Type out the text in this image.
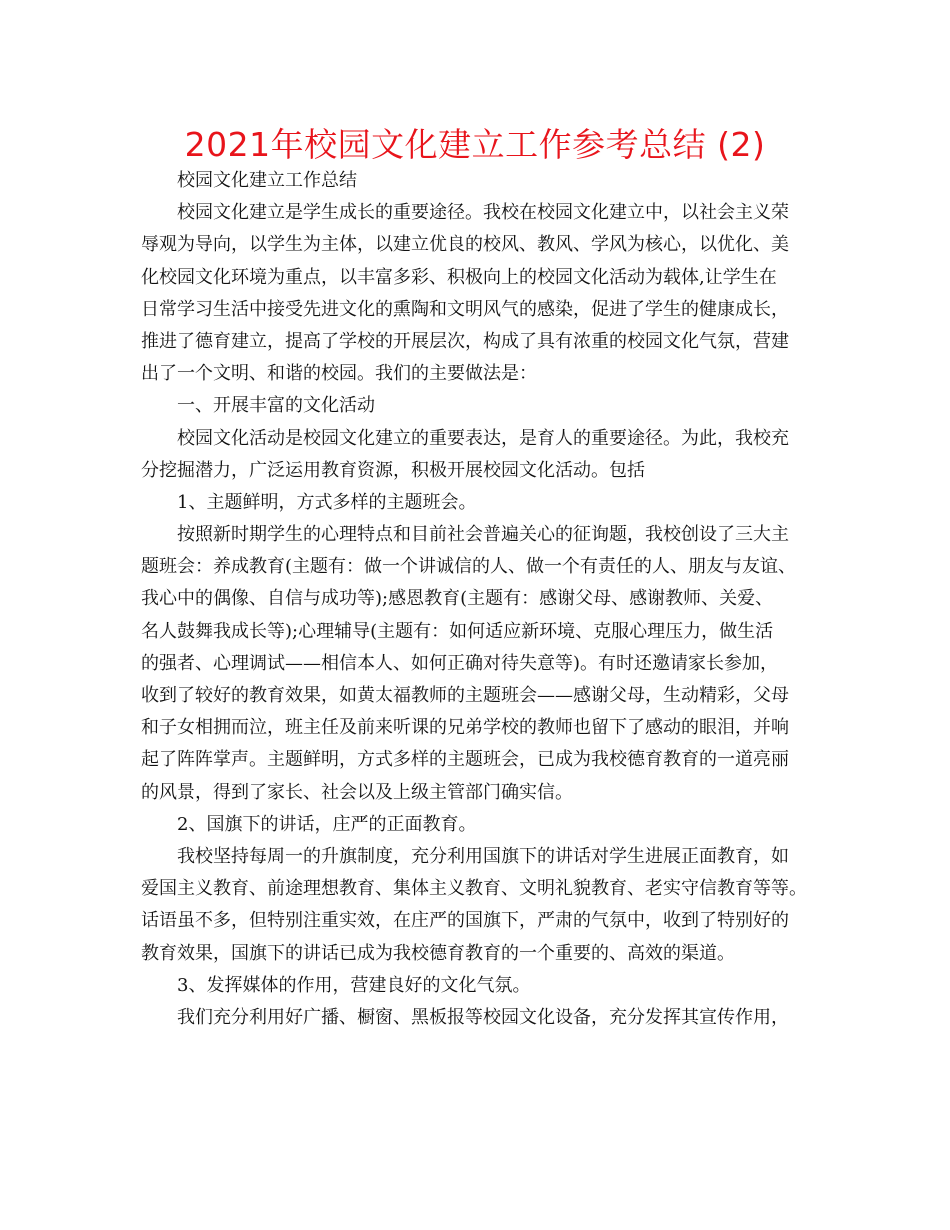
2021年校园文化建立工作参考总结 (2)
校园文化建立工作总结
校园文化建立是学生成长的重要途径。我校在校园文化建立中，以社会主义荣
辱观为导向，以学生为主体，以建立优良的校风、教风、学风为核心，以优化、美
化校园文化环境为重点，以丰富多彩、积极向上的校园文化活动为载体,让学生在
日常学习生活中接受先进文化的熏陶和文明风气的感染，促进了学生的健康成长，
推进了德育建立，提高了学校的开展层次，构成了具有浓重的校园文化气氛，营建
出了一个文明、和谐的校园。我们的主要做法是：
一、开展丰富的文化活动
校园文化活动是校园文化建立的重要表达，是育人的重要途径。为此，我校充
分挖掘潜力，广泛运用教育资源，积极开展校园文化活动。包括
1、主题鲜明，方式多样的主题班会。
按照新时期学生的心理特点和目前社会普遍关心的征询题，我校创设了三大主
题班会：养成教育(主题有：做一个讲诚信的人、做一个有责任的人、朋友与友谊、
我心中的偶像、自信与成功等);感恩教育(主题有：感谢父母、感谢教师、关爱、
名人鼓舞我成长等);心理辅导(主题有：如何适应新环境、克服心理压力，做生活
的强者、心理调试——相信本人、如何正确对待失意等)。有时还邀请家长参加，
收到了较好的教育效果，如黄太福教师的主题班会——感谢父母，生动精彩，父母
和子女相拥而泣，班主任及前来听课的兄弟学校的教师也留下了感动的眼泪，并响
起了阵阵掌声。主题鲜明，方式多样的主题班会，已成为我校德育教育的一道亮丽
的风景，得到了家长、社会以及上级主管部门确实信。
2、国旗下的讲话，庄严的正面教育。
我校坚持每周一的升旗制度，充分利用国旗下的讲话对学生进展正面教育，如
爱国主义教育、前途理想教育、集体主义教育、文明礼貌教育、老实守信教育等等。
话语虽不多，但特别注重实效，在庄严的国旗下，严肃的气氛中，收到了特别好的
教育效果，国旗下的讲话已成为我校德育教育的一个重要的、高效的渠道。
3、发挥媒体的作用，营建良好的文化气氛。
我们充分利用好广播、橱窗、黑板报等校园文化设备，充分发挥其宣传作用，
